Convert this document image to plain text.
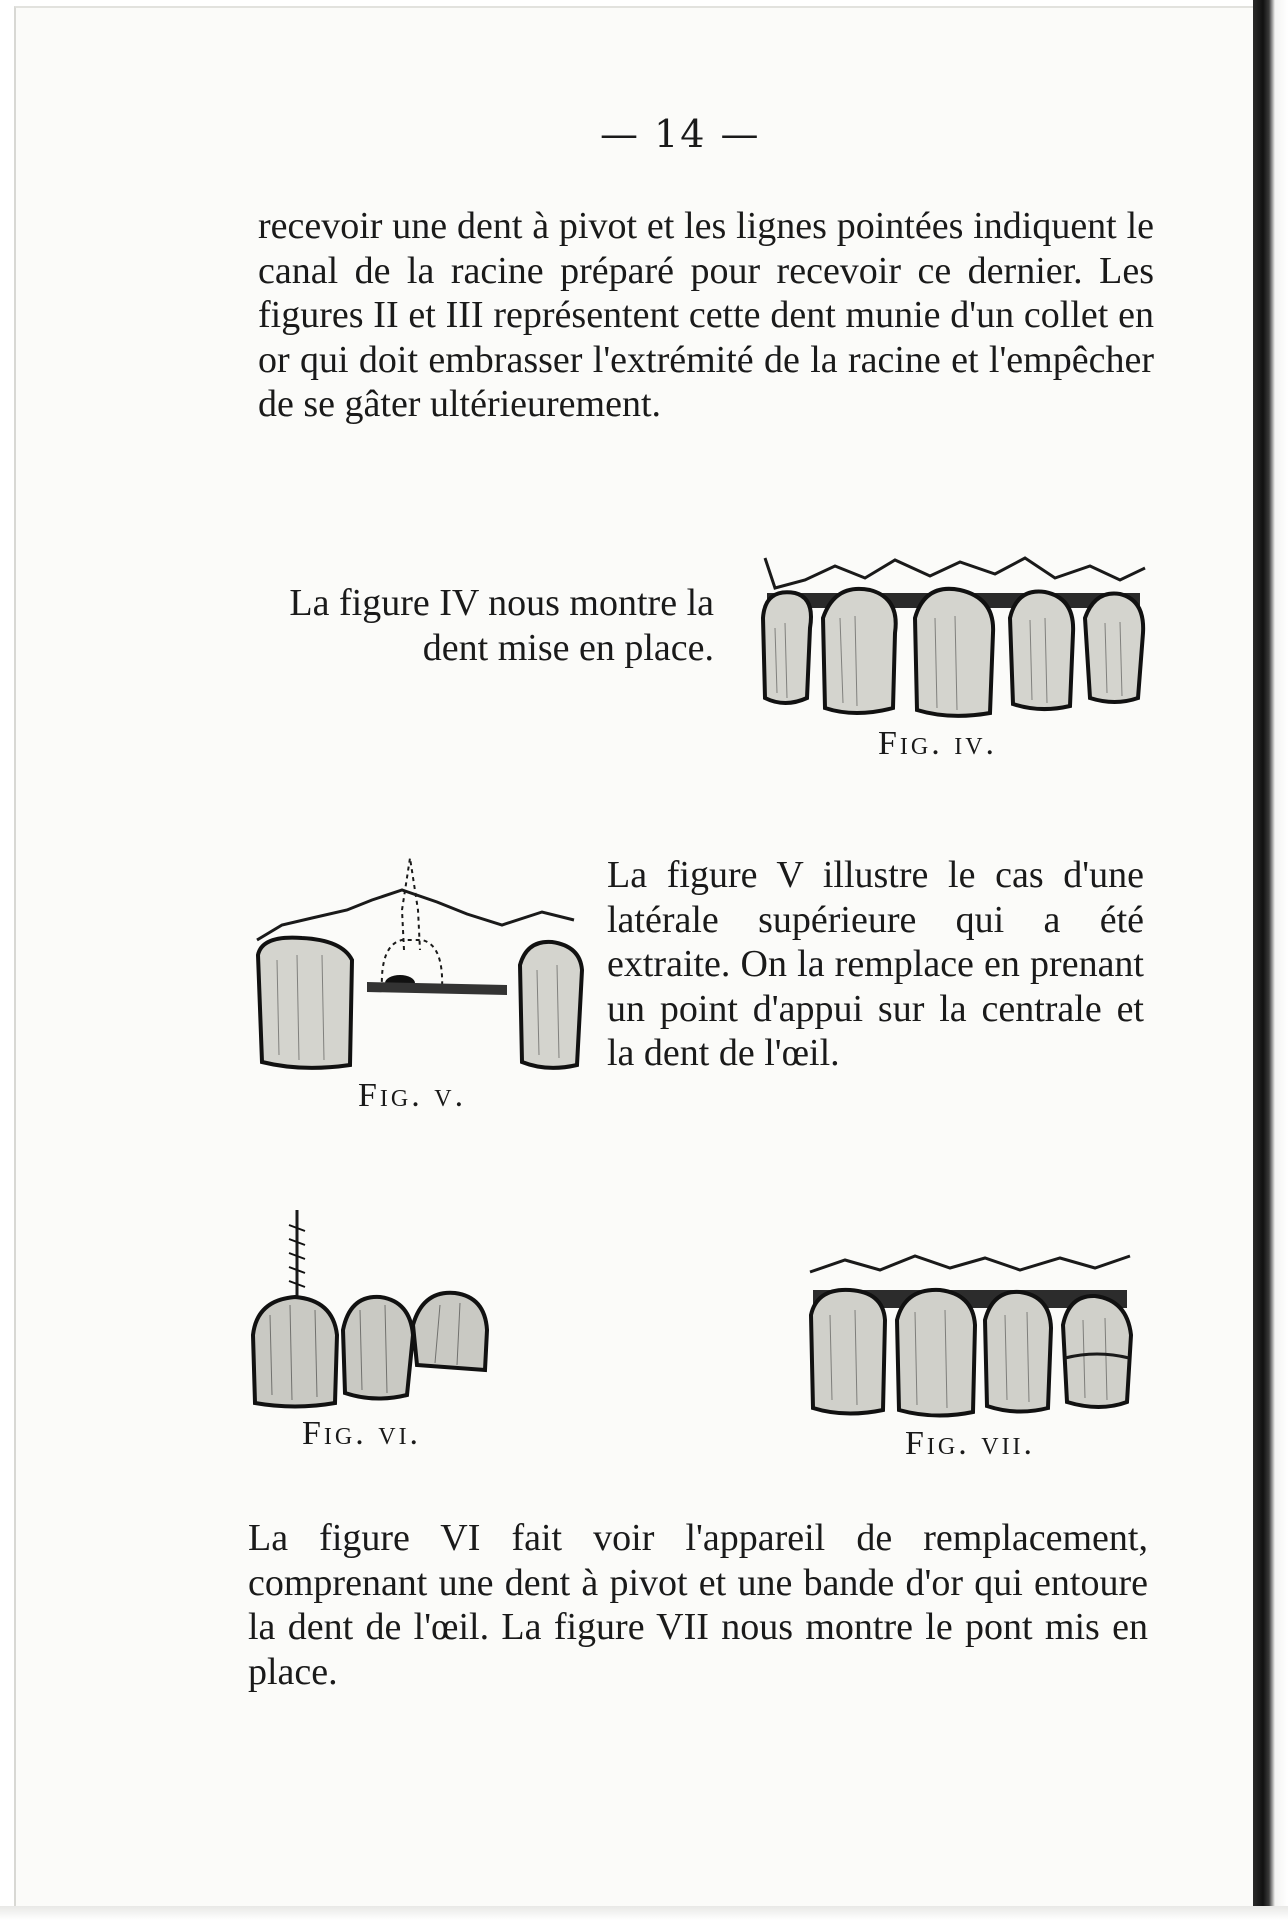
— 14 —

recevoir une dent à pivot et les lignes pointées indiquent le canal de la racine préparé pour recevoir ce dernier. Les figures II et III représentent cette dent munie d'un collet en or qui doit embrasser l'extrémité de la racine et l'empêcher de se gâter ultérieurement.

La figure IV nous montre la dent mise en place.

Fig. iv.
Fig. v.

La figure V illustre le cas d'une latérale supérieure qui a été extraite. On la remplace en prenant un point d'appui sur la centrale et la dent de l'œil.

Fig. vi.	Fig. vii.

La figure VI fait voir l'appareil de remplacement, comprenant une dent à pivot et une bande d'or qui entoure la dent de l'œil. La figure VII nous montre le pont mis en place.
